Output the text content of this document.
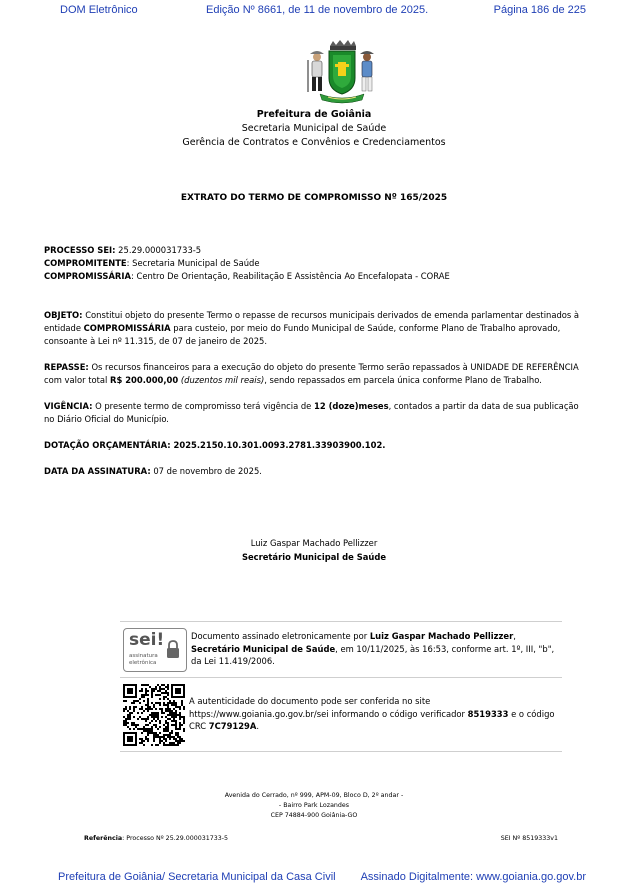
DOM Eletrônico	Edição Nº 8661, de 11 de novembro de 2025.	Página 186 de 225
Prefeitura de Goiânia
Secretaria Municipal de Saúde
Gerência de Contratos e Convênios e Credenciamentos
EXTRATO DO TERMO DE COMPROMISSO Nº 165/2025
PROCESSO SEI: 25.29.000031733-5
COMPROMITENTE: Secretaria Municipal de Saúde
COMPROMISSÁRIA: Centro De Orientação, Reabilitação E Assistência Ao Encefalopata - CORAE
OBJETO: Constitui objeto do presente Termo o repasse de recursos municipais derivados de emenda parlamentar destinados à entidade COMPROMISSÁRIA para custeio, por meio do Fundo Municipal de Saúde, conforme Plano de Trabalho aprovado, consoante à Lei nº 11.315, de 07 de janeiro de 2025.
REPASSE: Os recursos financeiros para a execução do objeto do presente Termo serão repassados à UNIDADE DE REFERÊNCIA com valor total R$ 200.000,00 (duzentos mil reais), sendo repassados em parcela única conforme Plano de Trabalho.
VIGÊNCIA: O presente termo de compromisso terá vigência de 12 (doze)meses, contados a partir da data de sua publicação no Diário Oficial do Município.
DOTAÇÃO ORÇAMENTÁRIA: 2025.2150.10.301.0093.2781.33903900.102.
DATA DA ASSINATURA: 07 de novembro de 2025.
Luiz Gaspar Machado Pellizzer
Secretário Municipal de Saúde
sei!
assinatura
eletrônica
Documento assinado eletronicamente por Luiz Gaspar Machado Pellizzer, Secretário Municipal de Saúde, em 10/11/2025, às 16:53, conforme art. 1º, III, "b", da Lei 11.419/2006.
A autenticidade do documento pode ser conferida no site https://www.goiania.go.gov.br/sei informando o código verificador 8519333 e o código CRC 7C79129A.
Avenida do Cerrado, nº 999, APM-09, Bloco D, 2º andar -
- Bairro Park Lozandes
CEP 74884-900 Goiânia-GO
Referência: Processo Nº 25.29.000031733-5	SEI Nº 8519333v1
Prefeitura de Goiânia/ Secretaria Municipal da Casa Civil Assinado Digitalmente: www.goiania.go.gov.br
